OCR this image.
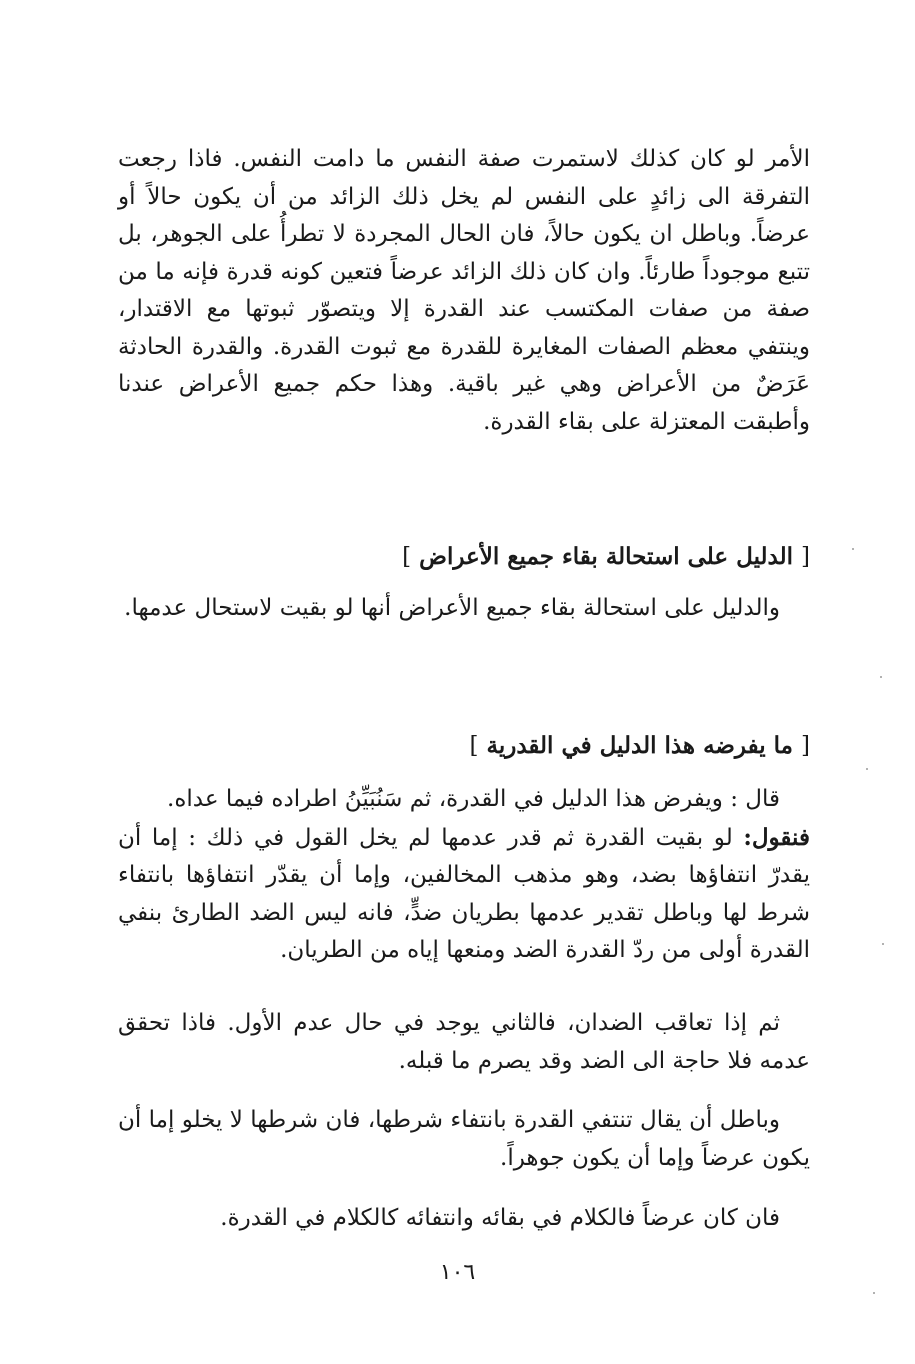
الأمر لو كان كذلك لاستمرت صفة النفس ما دامت النفس. فاذا رجعت التفرقة الى زائدٍ على النفس لم يخل ذلك الزائد من أن يكون حالاً أو عرضاً. وباطل ان يكون حالاً، فان الحال المجردة لا تطرأُ على الجوهر، بل تتبع موجوداً طارئاً. وان كان ذلك الزائد عرضاً فتعين كونه قدرة فإنه ما من صفة من صفات المكتسب عند القدرة إلا ويتصوّر ثبوتها مع الاقتدار، وينتفي معظم الصفات المغايرة للقدرة مع ثبوت القدرة. والقدرة الحادثة عَرَضٌ من الأعراض وهي غير باقية. وهذا حكم جميع الأعراض عندنا وأطبقت المعتزلة على بقاء القدرة.

[ الدليل على استحالة بقاء جميع الأعراض ]

والدليل على استحالة بقاء جميع الأعراض أنها لو بقيت لاستحال عدمها.

[ ما يفرضه هذا الدليل في القدرية ]

قال : ويفرض هذا الدليل في القدرة، ثم سَنُبَيِّنُ اطراده فيما عداه.

فنقول: لو بقيت القدرة ثم قدر عدمها لم يخل القول في ذلك : إما أن يقدرّ انتفاؤها بضد، وهو مذهب المخالفين، وإما أن يقدّر انتفاؤها بانتفاء شرط لها وباطل تقدير عدمها بطريان ضدٍّ، فانه ليس الضد الطارئ بنفي القدرة أولى من ردّ القدرة الضد ومنعها إياه من الطريان.

ثم إذا تعاقب الضدان، فالثاني يوجد في حال عدم الأول. فاذا تحقق عدمه فلا حاجة الى الضد وقد يصرم ما قبله.

وباطل أن يقال تنتفي القدرة بانتفاء شرطها، فان شرطها لا يخلو إما أن يكون عرضاً وإما أن يكون جوهراً.

فان كان عرضاً فالكلام في بقائه وانتفائه كالكلام في القدرة.

١٠٦
